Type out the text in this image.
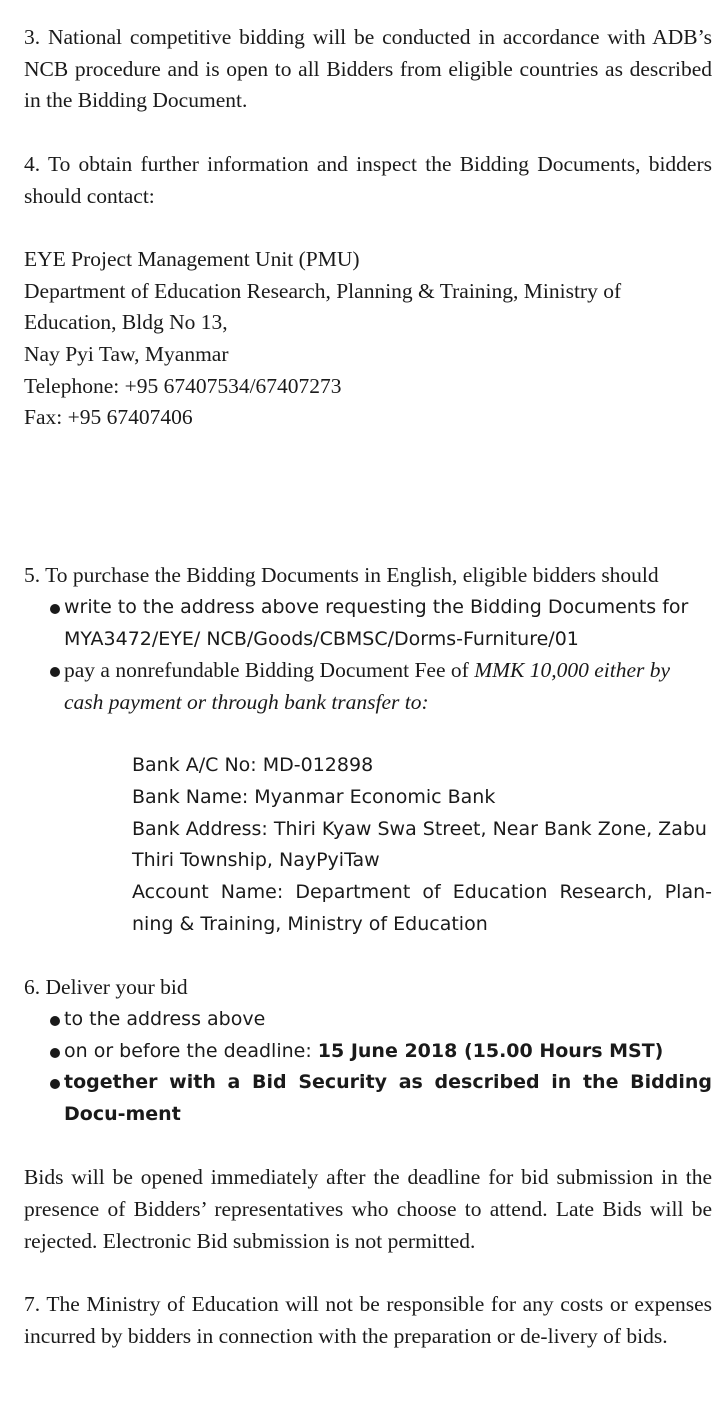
3. National competitive bidding will be conducted in accordance with ADB’s NCB procedure and is open to all Bidders from eligible countries as described in the Bidding Document.

4. To obtain further information and inspect the Bidding Documents, bidders should contact:

EYE Project Management Unit (PMU)
Department of Education Research, Planning & Training, Ministry of Education, Bldg No 13,
Nay Pyi Taw, Myanmar
Telephone: +95 67407534/67407273
Fax: +95 67407406

5. To purchase the Bidding Documents in English, eligible bidders should

write to the address above requesting the Bidding Documents for MYA3472/EYE/ NCB/Goods/CBMSC/Dorms-Furniture/01
pay a nonrefundable Bidding Document Fee of MMK 10,000 either by cash payment or through bank transfer to:
Bank A/C No: MD-012898
Bank Name: Myanmar Economic Bank
Bank Address: Thiri Kyaw Swa Street, Near Bank Zone, Zabu Thiri Township, NayPyiTaw
Account Name: Department of Education Research, Plan-ning & Training, Ministry of Education

6. Deliver your bid

to the address above
on or before the deadline: 15 June 2018 (15.00 Hours MST)
together with a Bid Security as described in the Bidding Docu-ment

Bids will be opened immediately after the deadline for bid submission in the presence of Bidders’ representatives who choose to attend. Late Bids will be rejected. Electronic Bid submission is not permitted.

7. The Ministry of Education will not be responsible for any costs or expenses incurred by bidders in connection with the preparation or de-livery of bids.
